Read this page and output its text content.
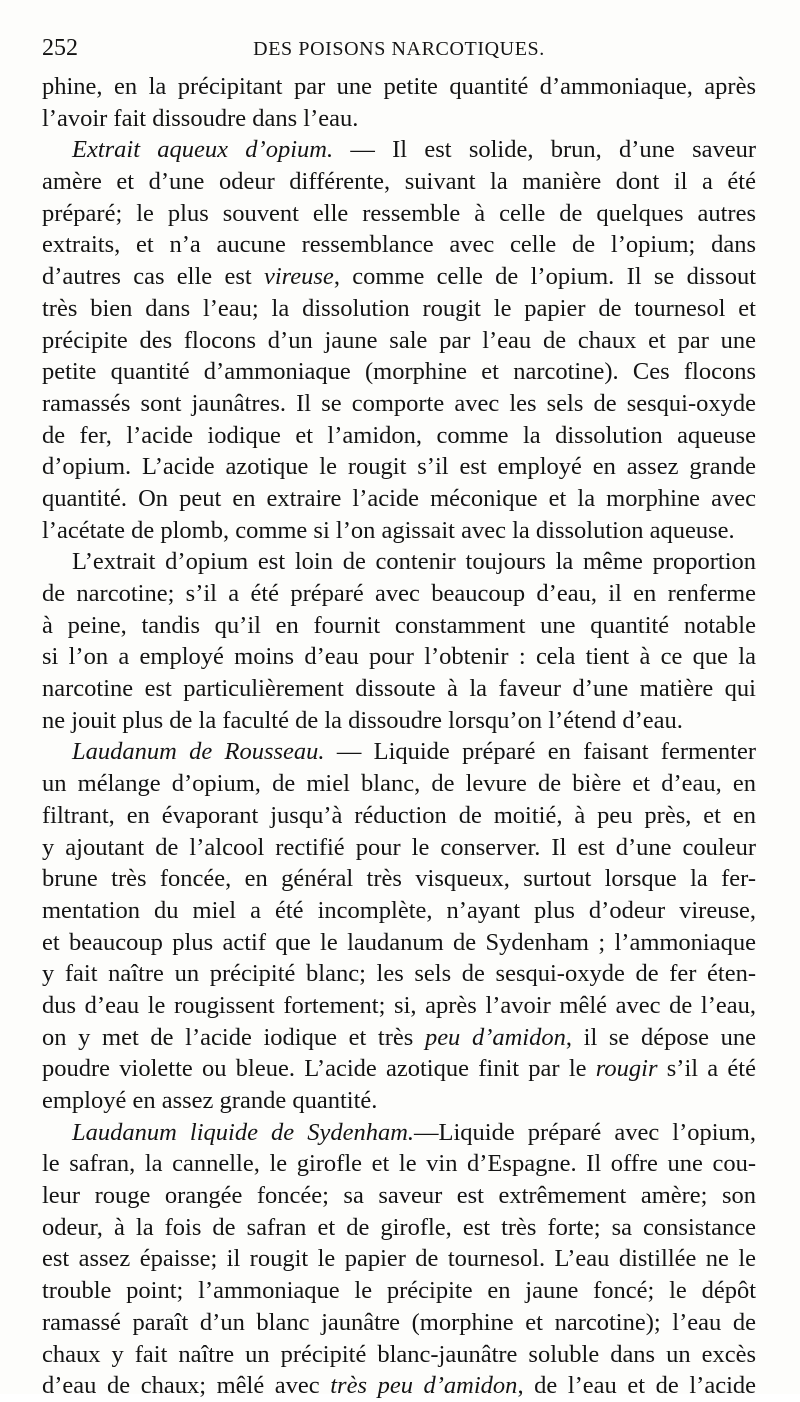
252	DES POISONS NARCOTIQUES.
phine, en la précipitant par une petite quantité d’ammoniaque, après
l’avoir fait dissoudre dans l’eau.
Extrait aqueux d’opium. — Il est solide, brun, d’une saveur
amère et d’une odeur différente, suivant la manière dont il a été
préparé; le plus souvent elle ressemble à celle de quelques autres
extraits, et n’a aucune ressemblance avec celle de l’opium; dans
d’autres cas elle est vireuse, comme celle de l’opium. Il se dissout
très bien dans l’eau; la dissolution rougit le papier de tournesol et
précipite des flocons d’un jaune sale par l’eau de chaux et par une
petite quantité d’ammoniaque (morphine et narcotine). Ces flocons
ramassés sont jaunâtres. Il se comporte avec les sels de sesqui-oxyde
de fer, l’acide iodique et l’amidon, comme la dissolution aqueuse
d’opium. L’acide azotique le rougit s’il est employé en assez grande
quantité. On peut en extraire l’acide méconique et la morphine avec
l’acétate de plomb, comme si l’on agissait avec la dissolution aqueuse.
L’extrait d’opium est loin de contenir toujours la même proportion
de narcotine; s’il a été préparé avec beaucoup d’eau, il en renferme
à peine, tandis qu’il en fournit constamment une quantité notable
si l’on a employé moins d’eau pour l’obtenir : cela tient à ce que la
narcotine est particulièrement dissoute à la faveur d’une matière qui
ne jouit plus de la faculté de la dissoudre lorsqu’on l’étend d’eau.
Laudanum de Rousseau. — Liquide préparé en faisant fermenter
un mélange d’opium, de miel blanc, de levure de bière et d’eau, en
filtrant, en évaporant jusqu’à réduction de moitié, à peu près, et en
y ajoutant de l’alcool rectifié pour le conserver. Il est d’une couleur
brune très foncée, en général très visqueux, surtout lorsque la fer-
mentation du miel a été incomplète, n’ayant plus d’odeur vireuse,
et beaucoup plus actif que le laudanum de Sydenham ; l’ammoniaque
y fait naître un précipité blanc; les sels de sesqui-oxyde de fer éten-
dus d’eau le rougissent fortement; si, après l’avoir mêlé avec de l’eau,
on y met de l’acide iodique et très peu d’amidon, il se dépose une
poudre violette ou bleue. L’acide azotique finit par le rougir s’il a été
employé en assez grande quantité.
Laudanum liquide de Sydenham.—Liquide préparé avec l’opium,
le safran, la cannelle, le girofle et le vin d’Espagne. Il offre une cou-
leur rouge orangée foncée; sa saveur est extrêmement amère; son
odeur, à la fois de safran et de girofle, est très forte; sa consistance
est assez épaisse; il rougit le papier de tournesol. L’eau distillée ne le
trouble point; l’ammoniaque le précipite en jaune foncé; le dépôt
ramassé paraît d’un blanc jaunâtre (morphine et narcotine); l’eau de
chaux y fait naître un précipité blanc-jaunâtre soluble dans un excès
d’eau de chaux; mêlé avec très peu d’amidon, de l’eau et de l’acide
